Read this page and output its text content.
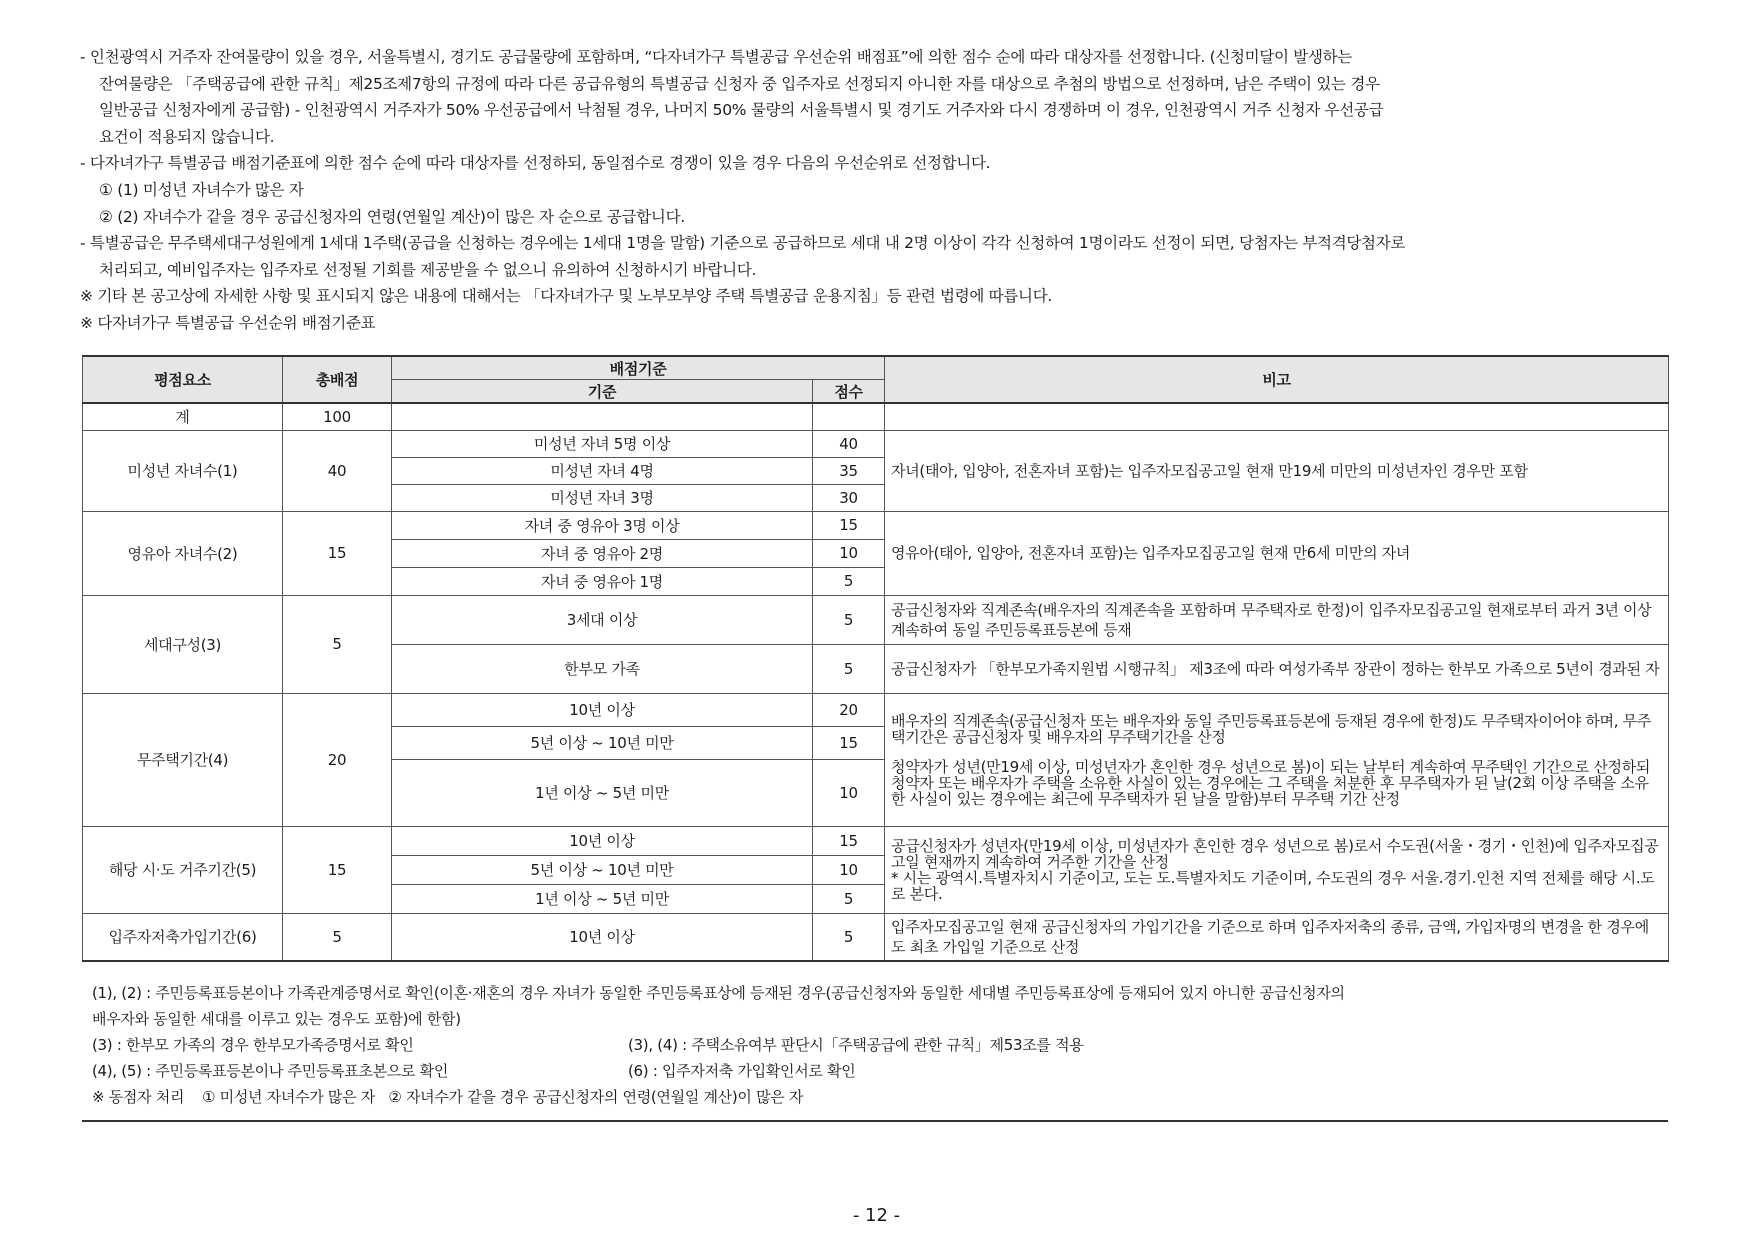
- 인천광역시 거주자 잔여물량이 있을 경우, 서울특별시, 경기도 공급물량에 포함하며, “다자녀가구 특별공급 우선순위 배점표”에 의한 점수 순에 따라 대상자를 선정합니다. (신청미달이 발생하는
잔여물량은 「주택공급에 관한 규칙」제25조제7항의 규정에 따라 다른 공급유형의 특별공급 신청자 중 입주자로 선정되지 아니한 자를 대상으로 추첨의 방법으로 선정하며, 남은 주택이 있는 경우
일반공급 신청자에게 공급함) - 인천광역시 거주자가 50% 우선공급에서 낙첨될 경우, 나머지 50% 물량의 서울특별시 및 경기도 거주자와 다시 경쟁하며 이 경우, 인천광역시 거주 신청자 우선공급
요건이 적용되지 않습니다.
- 다자녀가구 특별공급 배점기준표에 의한 점수 순에 따라 대상자를 선정하되, 동일점수로 경쟁이 있을 경우 다음의 우선순위로 선정합니다.
① (1) 미성년 자녀수가 많은 자
② (2) 자녀수가 같을 경우 공급신청자의 연령(연월일 계산)이 많은 자 순으로 공급합니다.
- 특별공급은 무주택세대구성원에게 1세대 1주택(공급을 신청하는 경우에는 1세대 1명을 말함) 기준으로 공급하므로 세대 내 2명 이상이 각각 신청하여 1명이라도 선정이 되면, 당첨자는 부적격당첨자로
처리되고, 예비입주자는 입주자로 선정될 기회를 제공받을 수 없으니 유의하여 신청하시기 바랍니다.
※ 기타 본 공고상에 자세한 사항 및 표시되지 않은 내용에 대해서는 「다자녀가구 및 노부모부양 주택 특별공급 운용지침」등 관련 법령에 따릅니다.
※ 다자녀가구 특별공급 우선순위 배점기준표
평점요소	총배점	배점기준		비고
		기준	점수	
계	100			
미성년 자녀수(1)	40	미성년 자녀 5명 이상	40	자녀(태아, 입양아, 전혼자녀 포함)는 입주자모집공고일 현재 만19세 미만의 미성년자인 경우만 포함
		미성년 자녀 4명	35	
		미성년 자녀 3명	30	
영유아 자녀수(2)	15	자녀 중 영유아 3명 이상	15	영유아(태아, 입양아, 전혼자녀 포함)는 입주자모집공고일 현재 만6세 미만의 자녀
		자녀 중 영유아 2명	10	
		자녀 중 영유아 1명	5	
세대구성(3)	5	3세대 이상	5	공급신청자와 직계존속(배우자의 직계존속을 포함하며 무주택자로 한정)이 입주자모집공고일 현재로부터 과거 3년 이상 계속하여 동일 주민등록표등본에 등재
		한부모 가족	5	공급신청자가 「한부모가족지원법 시행규칙」 제3조에 따라 여성가족부 장관이 정하는 한부모 가족으로 5년이 경과된 자
무주택기간(4)	20	10년 이상	20	배우자의 직계존속(공급신청자 또는 배우자와 동일 주민등록표등본에 등재된 경우에 한정)도 무주택자이어야 하며, 무주택기간은 공급신청자 및 배우자의 무주택기간을 산정
청약자가 성년(만19세 이상, 미성년자가 혼인한 경우 성년으로 봄)이 되는 날부터 계속하여 무주택인 기간으로 산정하되 청약자 또는 배우자가 주택을 소유한 사실이 있는 경우에는 그 주택을 처분한 후 무주택자가 된 날(2회 이상 주택을 소유한 사실이 있는 경우에는 최근에 무주택자가 된 날을 말함)부터 무주택 기간 산정

		5년 이상 ~ 10년 미만	15	
		1년 이상 ~ 5년 미만	10	
해당 시·도 거주기간(5)	15	10년 이상	15	공급신청자가 성년자(만19세 이상, 미성년자가 혼인한 경우 성년으로 봄)로서 수도권(서울・경기・인천)에 입주자모집공고일 현재까지 계속하여 거주한 기간을 산정
* 시는 광역시.특별자치시 기준이고, 도는 도.특별자치도 기준이며, 수도권의 경우 서울.경기.인천 지역 전체를 해당 시.도로 본다.

		5년 이상 ~ 10년 미만	10	
		1년 이상 ~ 5년 미만	5	
입주자저축가입기간(6)	5	10년 이상	5	입주자모집공고일 현재 공급신청자의 가입기간을 기준으로 하며 입주자저축의 종류, 금액, 가입자명의 변경을 한 경우에도 최초 가입일 기준으로 산정
(1), (2) : 주민등록표등본이나 가족관계증명서로 확인(이혼·재혼의 경우 자녀가 동일한 주민등록표상에 등재된 경우(공급신청자와 동일한 세대별 주민등록표상에 등재되어 있지 아니한 공급신청자의
배우자와 동일한 세대를 이루고 있는 경우도 포함)에 한함)
(3) : 한부모 가족의 경우 한부모가족증명서로 확인	(3), (4) : 주택소유여부 판단시「주택공급에 관한 규칙」제53조를 적용
(4), (5) : 주민등록표등본이나 주민등록표초본으로 확인	(6) : 입주자저축 가입확인서로 확인
※ 동점자 처리    ① 미성년 자녀수가 많은 자   ② 자녀수가 같을 경우 공급신청자의 연령(연월일 계산)이 많은 자
- 12 -
